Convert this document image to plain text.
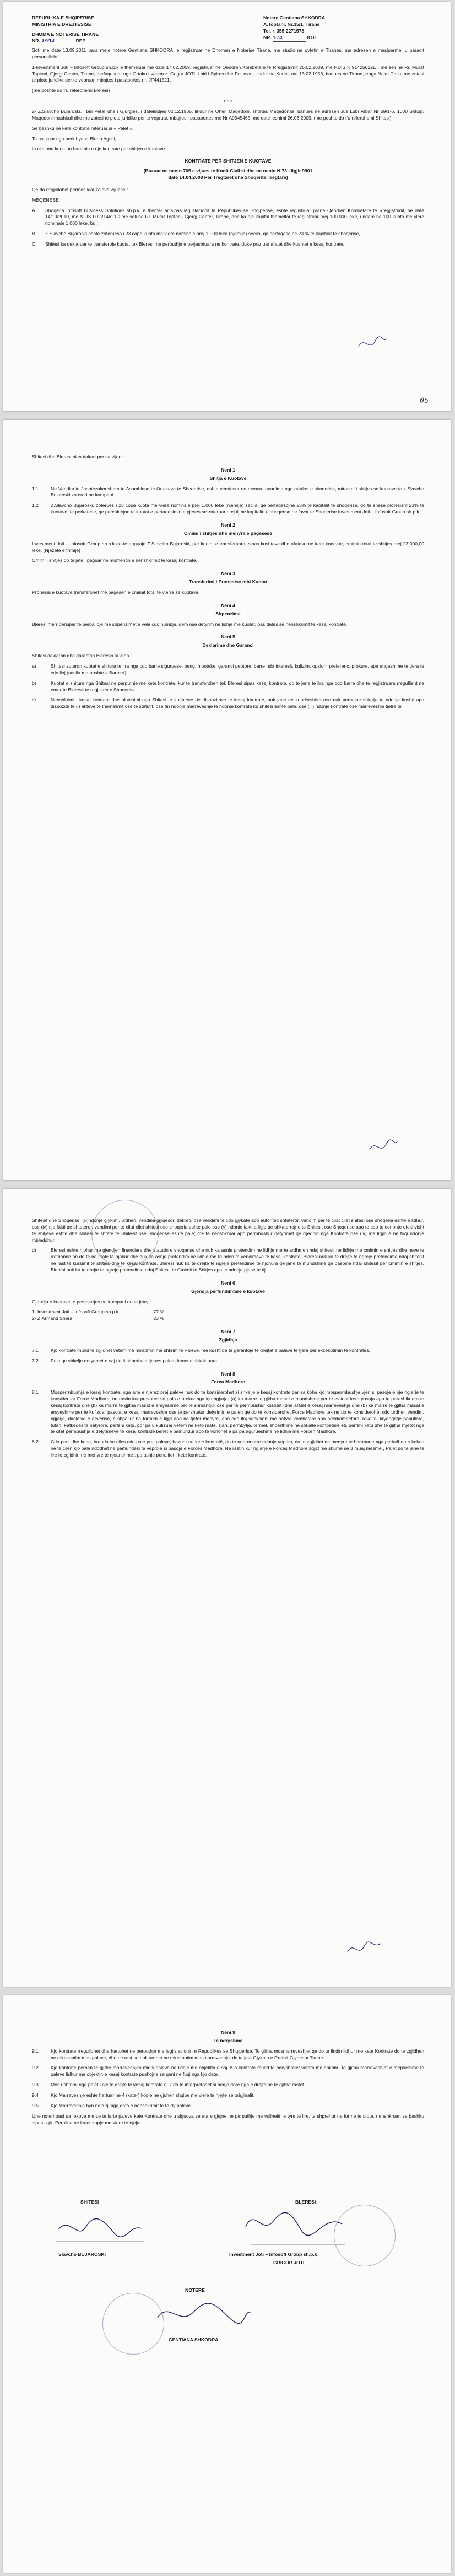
REPUBLIKA E SHQIPERISE
MINISTRIA E DREJTESISE
DHOMA E NOTERISE TIRANE
NR. 1954	REP
Notere Gentiana SHKODRA
A.Toptani, Nr.35/1, Tirane
Tel. + 355 2271578
NR. 574	KOL

Sot, me date 13.09.2011 para meje notere Gentiana SHKODRA, e regjistruar ne Dhomen e Noterise Tirane, me studio ne qytetin e Tiranes, me adresen e mesiperme, u paraqit personalisht:

1-Investment Joti – Infosoft Group sh.p.k e themeluar me date 17.02.2009, regjistruar ne Qendren Kombetare te Rregjistrimit 25.02.2009, me NUIS K 91425022E , me seli ne Rr. Murat Toptani, Gjergj Center, Tirane, perfaqesuar nga Ortaku i vetem z. Grigor JOTI, i biri i Spiros dhe Polikseni, lindur ne Korce, me 13.02.1956, banues ne Tirane, rruga Naim Dallu, me zotesi te plote juridike per te vepruar, mbajtes i pasaportes nr. JF441521.

(me poshte do t’u referohemi Bleresi)

dhe

2- Z.Slavcho Bujaroski, i biri Petar dhe i Gjurgjes, i datelindjes 02.12.1965, lindur ne Oher, Maqedoni, shtetas Maqedonas, banues ne adresen Jus Lubi Ribar Nr 59/1-6, 1000 Shkup, Maqedoni mashkull dhe me zotesi te plote juridike per te vepruar, mbajtes i pasaportes me Nr A0345465, me date leshimi 26.06.2009. (me poshte do t’u referohemi Shitesi)

Se bashku ne kete kontrate referuar si « Palet ».

Te asistuar nga perkthyesa Blerta Agolli,

to cilet me kerkuan hartimin e nje kontrate per shitjen e kuotave:

KONTRATE PER SHITJEN E KUOTAVE
(Bazuar ne nenin 705 e vijues te Kodit Civil si dhe ne nenin N.73 i ligjit 9901
date 14.04.2008 Per Tregtaret dhe Shoqerite Tregtare)

Qe do rregullohet permes klauzolave vijuese :

MEQENESE :

A.	Shoqeria Infosoft Business Solutions sh.p.k, e themeluar sipas legjislacionit te Republikes se Shqiperise, eshte regjistruar prane Qendren Kombetare te Rregjistrimit, ne date 14/10/2010, me NUIS L02214621C me seli ne Rr. Murat Toptani, Gjergj Center, Tirane, dhe ka nje kapital themeltar te regjistruar prej 100.000 leke, i ndare ne 100 kuota me vlere nominale 1,000 leke, bu ;
B.	Z.Slavcho Bujaroski eshte zoteruess i 23 cope kuota me vlere nominale prej 1,000 leke (njemije) secila, qe perfaqesojne 23 % te kapitalit te shoqerise,
C.	Shitesi ka deklaruar te transferoje kuotat tek Bleresi, ne perputhje e perjashtuara ne kontrate, duke pranuar afatet dhe kushtet e kesaj kontrate.
ϑ5

Shitesi dhe Bleresi bien dakort per sa vijon :

Neni 1
Shitja e Kuotave
1.1	Ne Vendim te Jashtezakonshem te Asamblese te Ortakeve te Shoqerise, eshte vendosur ne menyre unanime nga ortaket e shoqerise, miratimi i shitjes se kuotave te z.Slavcho Bujaroski zoterori ne kompeni.
1.2	Z.Slavcho Bujaroski, zoterues i 23 cope kuota me vlere nominale prej 1,000 leke (njemije) secila, qe perfaqesojne 23% te kapitalit te shoqerise, do te shese plotesisht 23% te kuotave, te perkatese, qe percaktojne te kuotat e perfaqesimin e pjeses se zoteruar prej tij ne kapitalin e shoqerise ne favor te Shoqerise Investment Joti – Infosoft Group sh.p.k.
Neni 2
Cmimi i shitjes dhe menyra e pagesese

Investment Joti – Infosoft Group sh.p.k do te paguaje Z.Slavcho Bujaroski, per kuotat e transferuara, sipas kushteve dhe afateve ne kete kontrate, cmimin total te shitjes prej 23.000,00 leke. (Njezete e trimije)

Cmimi i shitjes do te jete i paguar ne momentin e nenshkrimit te kesaj kontrate.

Neni 3
Transferimi i Pronesise mbi Kuotat

Pronesia e kuotave transferohet me pagesen e cmimit total te vlerra se kuotave.

Neni 4
Shpenzime

Bleresi merr persiper te perballoje me shpenzimet e vela cdo humbje, dem ose detyrim ne lidhje me kuotat, pas dates se nenshkrimit te kesaj kontrate.

Neni 5
Deklarime dhe Garanci

Shitesi deklaron dhe garanton Bleresin si vijon :

a)	Shitesi zoteron kuotat e shitura te lira nga cdo barre siguruese, peng, hipoteke, garanci peptore, barre ndo interesit, kufizim, opsion, preferenc, prokure, ape angazhime te tjera te cdo lloj (secila me poshte « Barre »)
b)	Kuotat e shitura nga Shitesi ne perputhje me kete kontrate, kur te transferohen tek Bleresi sipas kesaj kontrate, do te jene te lira nga cdo barre dhe te regjistruara rregullisht ne emer te Bleresit te regjistrin e Shoqerise.
c)	Nenshkrimi i kesaj kontrate dhe plotesimi nga Shitesi te kushteve de dispozitave te kesaj kontrate, nuk jane ne kundershtim ose nuk perbejne shkelje te ndonje kushti apo dispozite te (i) akteve te themelimit ose te statutit, ose (ii) ndonje marreveshje te ndonje kontrate ku shitesi eshte pale, ose (iii) ndonje kontrate ose marreveshje tjetre te

Shitesit dhe Shoqerise, (iii)ndonje gjykimi, urdheri, vendimi gjyqesor, dekreti, ose vendimi te cdo gjykate apo autoriteti shteteror, vendim per te cilat cilet shitesi ose shoqeria eshte e lidhur, ose (iv) nje fakti qe shteteror, vendimi per te cilat cilet shitesi ose shoqeria eshte pale ose (v) ndonje fakti a ligje qe shkaterrojne te Shitesit ose Shoqerise apo te cdo te cenonte efektivisht te shitjeve eshte dhe shitesi te shtete te Shitesit ose Shoqerise eshte pale; me te nenshkruar apo permbushur detyrimet qe rrjedhin nga Kontrata ose (iv) me ligjin e ne fuqi ndonje mbleddhur.

d)	Bleresi eshte njohur me gjendjen financiare dhe statutin e shoqerise dhe nuk ka asnje pretendim ne lidhje me te ardhmen ndaj shitesit ne lidhje me cmimin e shitjes dhe neve te rrethanne on de te neutrale te njohur dhe nuk ka asnje pretendim ne lidhje me to nderi te vendimeve te kesaj kontrate. Bleresi nuk ka te drejte te ngreje pretendime ndaj shitesit ne rast te kursimit te shitjes dhe te kesaj kontrate, Bleresi nuk ka te drejte te ngreje pretendime te njohura qe jane te mundshme qe pasojne ndaj shitesit per cmimin e shitjes. Bleresi nuk ka te drejte te ngreje pretendime ndaj Shitesit te Cmimit te Shitjes apo te ndonje pjese te tij.
Neni 6
Gjendja perfundimtare e kuotave

Gjendja e kuotave te pesmarrjes ne kompani do te jete;

1- Investment Joti – Infosoft Group sh.p.k	77 %
2- Z.Armand Shera	23 %
Neni 7
Zgjidhja
7.1	Kjo kontrate mund te zgjidhet vetem me miratimin me shkrim te Paleve, me kusht qe te garantoje te drejtat e palave te tjera per ekzekutimin te kontrates.
7.2	Pala qe shkelje detyrimet e saj do ti shperbeje tjetres pales demet e shkaktuara.
Neni 8
Forca Madhore
8.1	Mosperrnbushja e kesaj kontrate, nga ane e njerez prej paleve nuk do te konsiderohet si shkelje e kesaj kontrate per sa kohe kjo mosperrnbushje vjen si pasoje e nje ngjarje te konsideruar Force Madhore, ne rastin kur provohet se pala e prekur nga kjo ngjarje: (a) ka marre te gjitha masat e mundshme per te evituar keto pasoja apo te parashikuara te kesaj kontrate dhe (b) ka marre te gjitha masat e arsyeshme per te shmangur ose per te permbushur kushtet (dhe afatet e kesaj marreveshje dhe (b) ka marre te gjitha masat e arsyeshme per te kufizuar pasojat e kesaj marreveshje ose te pershtatur detyrimin e palen qe do te konsiderohet Force Madhore tek ne do te konsiderohet cdo urdher, vendim, ngjarje, direktive e qeverise, e shpallur ne formen e ligjit apo ne tjeter menyre, apo cdo lloj sanksioni me natyre kombetare apo nderkombetare, revolte, kryengritje popullore, tufan, Fatkeqesite natyrore, perfshi ketu, por pa u kufizuar vetem ne keto raste, zjarr, permbytje, termet, shperthime ne shkalle kombetare etj, perfshi ketu dhe te gjitha mjetet nga te cilat permbushja e detyrimeve te kesaj kontrate behet e pamundur apo te vonohet e pa paragurueshme ne lidhje me Forcen Madhore.
8.2	Cdo periudhe kohe, brenda se ciles cdo pale prej paleve, bazuar ne kete kontratë, do te nderrmarre ndonje veprim, do te zgjidhet ne menyre te barabarte nga periudhen e kohes ne te cilen kjo pale ndodhet ne pamundesi te veproje si pasoje e Forces Madhore. Ne rastin kur ngjarje e Forces Madhore zgjat me shume se 3 muaj mesme , Palet do te jene te lire te zgjidhin ne menyre te njeanshme , pa asnje penalitet , kete kontrate.
Neni 9
Te ndryshme
9.1	Kjo kontrate rregullohet dhe hartohet ne perputhje me legjislacionin e Republikes se Shqiperise. Te gjitha mosmarreveshjet qe do te lindin lidhur me kete Kontrate do te zgjidhen ne mirekuptim mes paleve, dhe ne rast se nuk arrihet ne mirekuptim mosmarreveshjet do te jete Gjykata e Rrethit Gjyqesor Tirane.
9.2	Kjo kontrate perben te gjithe marreveshjen midis paleve ne lidhje me objektin e saj. Kjo kontrate mund te ndryshohet vetem me shkrim. Te gjitha marreveshjet e meparshme te paleve lidhur me objektin e kesaj kontrate pushojne se qeni ne fuqi nga kjo date.
9.3	Mos ushtrimi nga palet i nje te drejte te kesaj kontrate nuk do te interpretohet si heqje dore nga e drejta ne te gjitha rastet.
9.4	Kjo Marreveshje eshte hartuar ne 4 (kater) kopje ne gjuhen shqipe me vlere te njejte se origjinalit.
9.5	Kjo Marreveshje hyn ne fuqi nga data e nenshkrimit te te dy paleve.

Une noteri pasi ua lexova me ze te larte paleve kete Kontrate dhe u siguova se ata e gjejne ne perputhje me vullnetin e tyre te lire, te shprehur ne forme te plote, nenshkruan se bashku sipas ligjit. Perpilua ne kater kopje me vlere te njejte.

SHITESI	BLERESI
Slavcho BUJAROSKI	Investment Joti – Infosoft Group sh.p.k
GRIGOR JOTI
NOTERE
GENTIANA SHKODRA
